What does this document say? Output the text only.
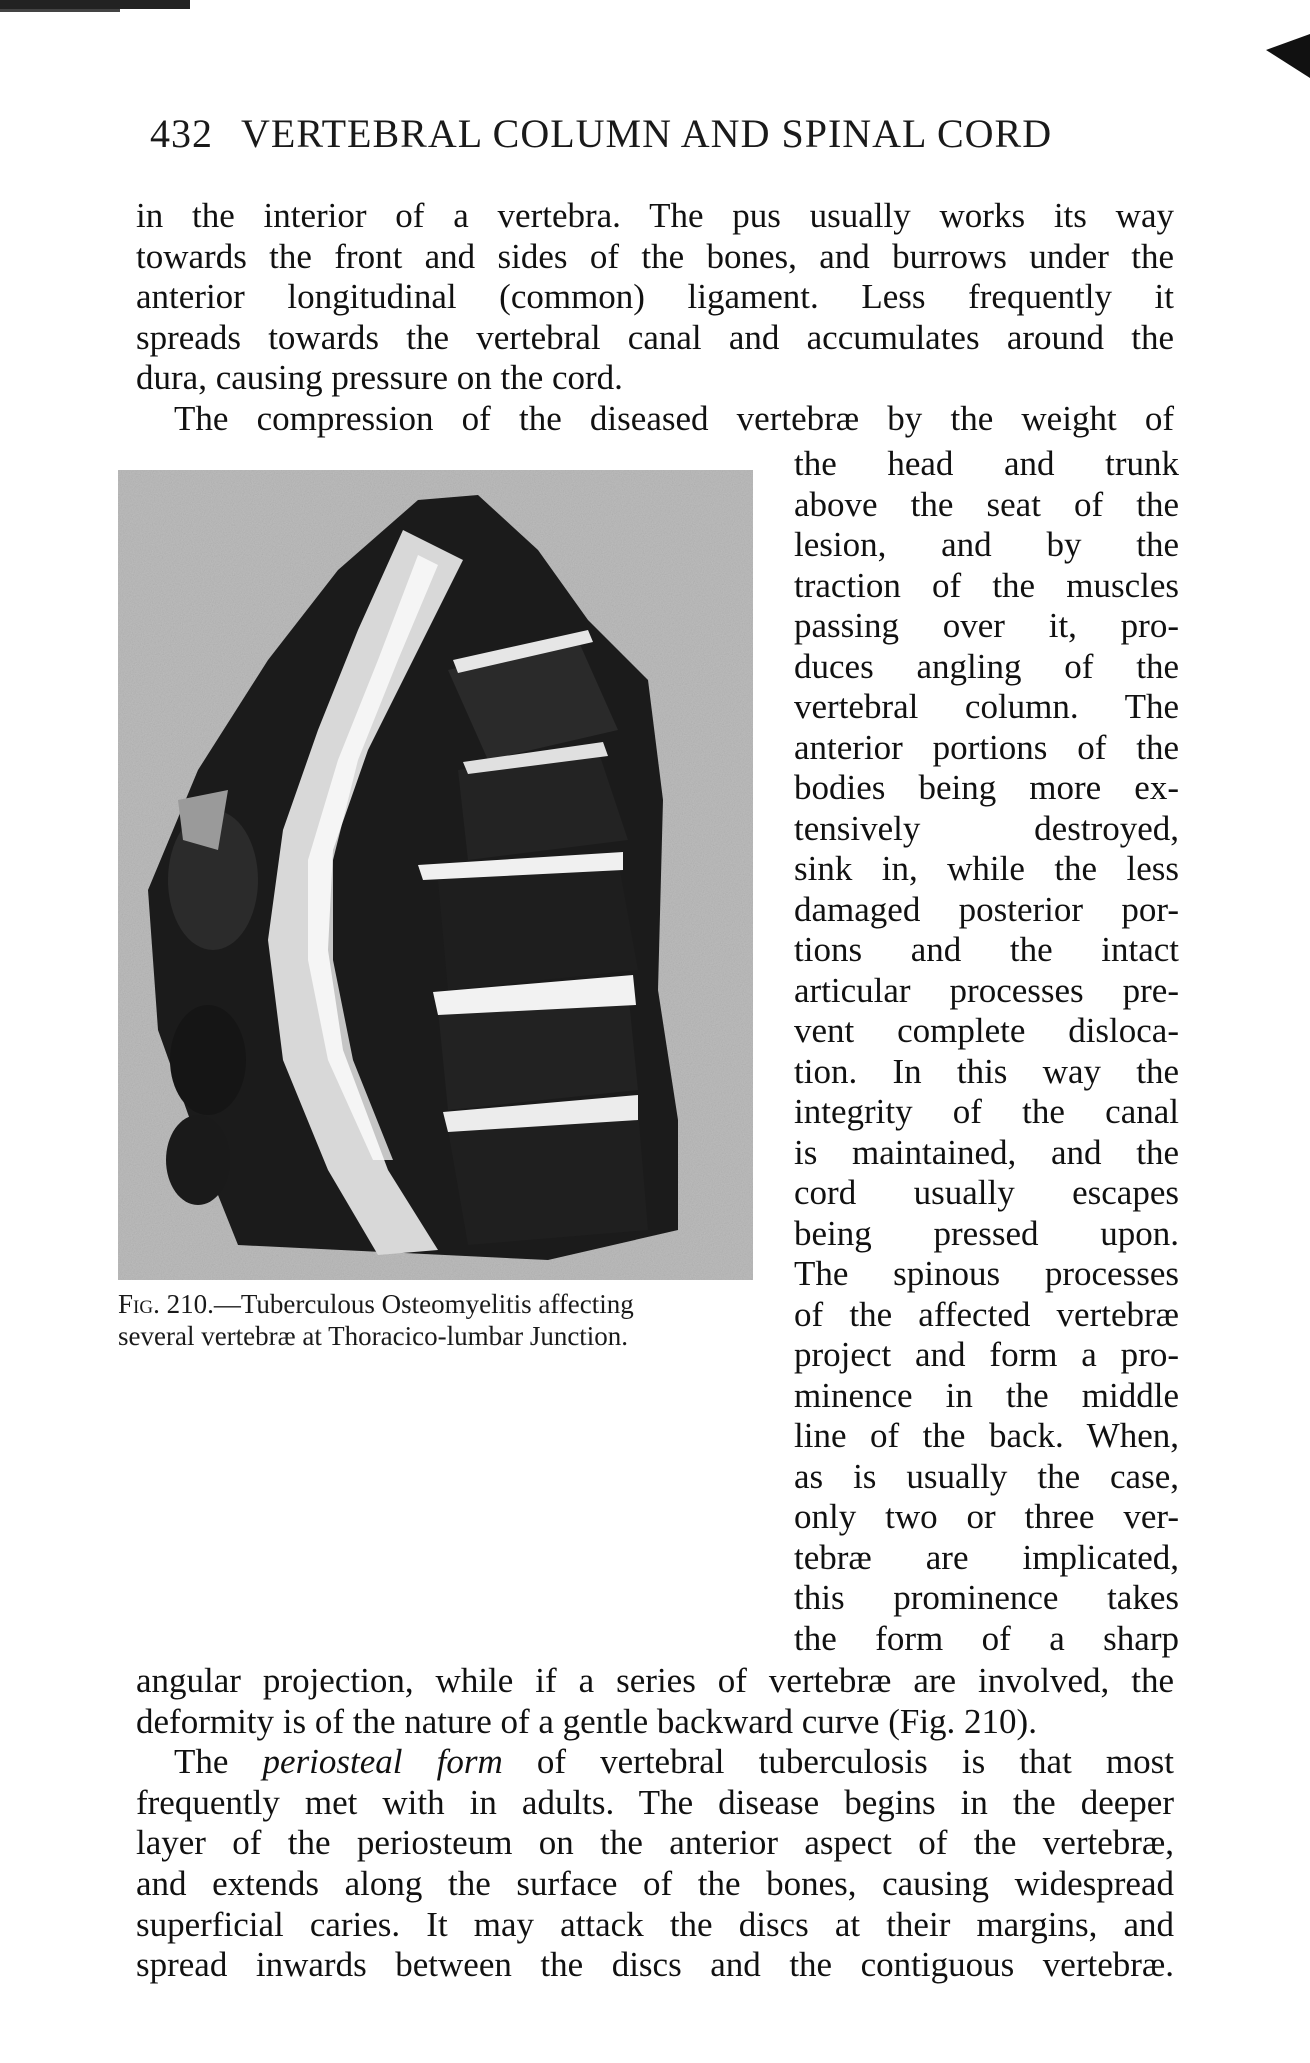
432 VERTEBRAL COLUMN AND SPINAL CORD
in the interior of a vertebra. The pus usually works its way
towards the front and sides of the bones, and burrows under the
anterior longitudinal (common) ligament. Less frequently it
spreads towards the vertebral canal and accumulates around the
dura, causing pressure on the cord.
The compression of the diseased vertebræ by the weight of
the head and trunk
above the seat of the
lesion, and by the
traction of the muscles
passing over it, pro-
duces angling of the
vertebral column. The
anterior portions of the
bodies being more ex-
tensively destroyed,
sink in, while the less
damaged posterior por-
tions and the intact
articular processes pre-
vent complete disloca-
tion. In this way the
integrity of the canal
is maintained, and the
cord usually escapes
being pressed upon.
The spinous processes
of the affected vertebræ
project and form a pro-
minence in the middle
line of the back. When,
as is usually the case,
only two or three ver-
tebræ are implicated,
this prominence takes
the form of a sharp
Fig. 210.—Tuberculous Osteomyelitis affecting
several vertebræ at Thoracico-lumbar Junction.
angular projection, while if a series of vertebræ are involved, the
deformity is of the nature of a gentle backward curve (Fig. 210).
The periosteal form of vertebral tuberculosis is that most
frequently met with in adults. The disease begins in the deeper
layer of the periosteum on the anterior aspect of the vertebræ,
and extends along the surface of the bones, causing widespread
superficial caries. It may attack the discs at their margins, and
spread inwards between the discs and the contiguous vertebræ.
